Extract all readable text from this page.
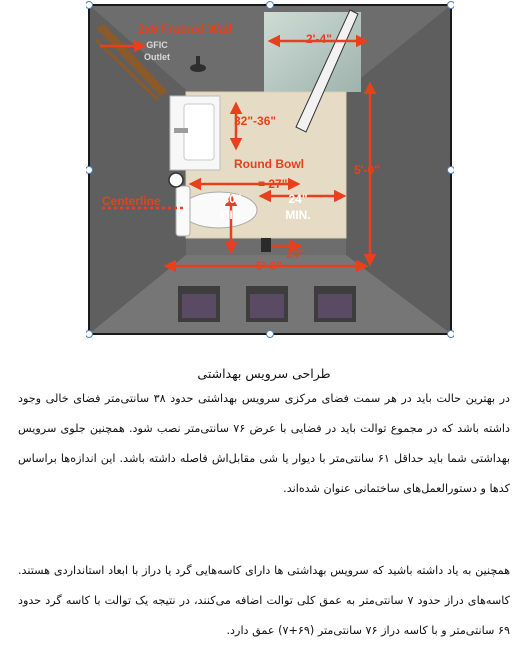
2x6 Framed Wall
2'-4"
32"-36"
Round Bowl
= 27"
5'-0"
Centerline
24"
5'-6"
30" MIN.
24" MIN.
GFIC Outlet
طراحی سرویس بهداشتی
در بهترین حالت باید در هر سمت فضای مرکزی سرویس بهداشتی حدود ۳۸ سانتی‌متر فضای خالی وجود داشته باشد که در مجموع توالت باید در فضایی با عرض ۷۶ سانتی‌متر نصب شود. همچنین جلوی سرویس بهداشتی شما باید حداقل ۶۱ سانتی‌متر با دیوار یا شی مقابل‌اش فاصله داشته باشد. این اندازه‌ها براساس کدها و دستورالعمل‌های ساختمانی عنوان شده‌اند.
همچنین به یاد داشته باشید که سرویس بهداشتی ها دارای کاسه‌هایی گرد یا دراز با ابعاد استانداردی هستند. کاسه‌های دراز حدود ۷ سانتی‌متر به عمق کلی توالت اضافه می‌کنند، در نتیجه یک توالت با کاسه گرد حدود ۶۹ سانتی‌متر و با کاسه دراز ۷۶ سانتی‌متر (۶۹+۷) عمق دارد.
